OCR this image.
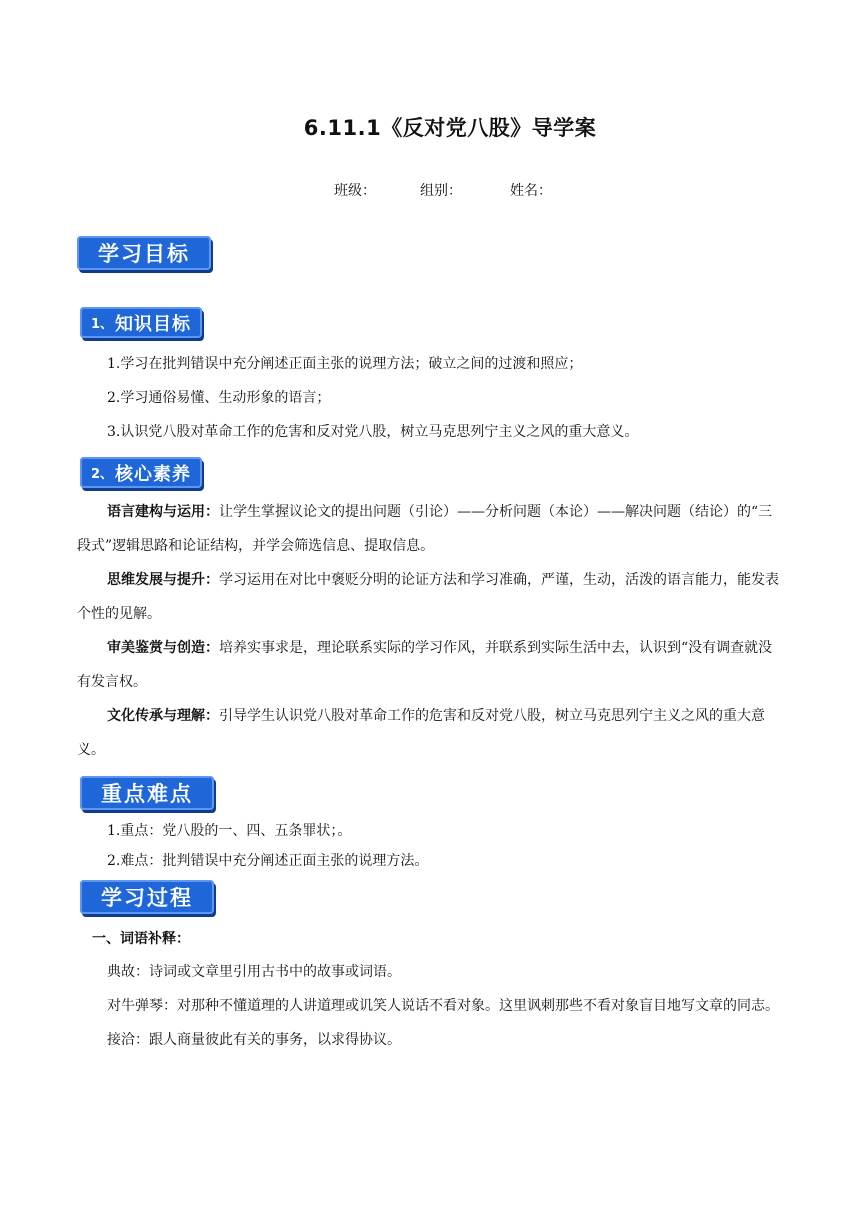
6.11.1《反对党八股》导学案
班级：	组别：	姓名：
学习目标
1、 知识目标
1.学习在批判错误中充分阐述正面主张的说理方法；破立之间的过渡和照应；
2.学习通俗易懂、生动形象的语言；
3.认识党八股对革命工作的危害和反对党八股，树立马克思列宁主义之风的重大意义。
2、 核心素养
语言建构与运用：让学生掌握议论文的提出问题（引论）——分析问题（本论）——解决问题（结论）的“三段式”逻辑思路和论证结构，并学会筛选信息、提取信息。
思维发展与提升：学习运用在对比中褒贬分明的论证方法和学习准确，严谨，生动，活泼的语言能力，能发表个性的见解。
审美鉴赏与创造：培养实事求是，理论联系实际的学习作风，并联系到实际生活中去，认识到“没有调查就没有发言权。
文化传承与理解：引导学生认识党八股对革命工作的危害和反对党八股，树立马克思列宁主义之风的重大意义。
重点难点
1.重点：党八股的一、四、五条罪状；。
2.难点：批判错误中充分阐述正面主张的说理方法。
学习过程
一、词语补释：
典故：诗词或文章里引用古书中的故事或词语。
对牛弹琴：对那种不懂道理的人讲道理或讥笑人说话不看对象。这里讽刺那些不看对象盲目地写文章的同志。
接洽：跟人商量彼此有关的事务，以求得协议。
